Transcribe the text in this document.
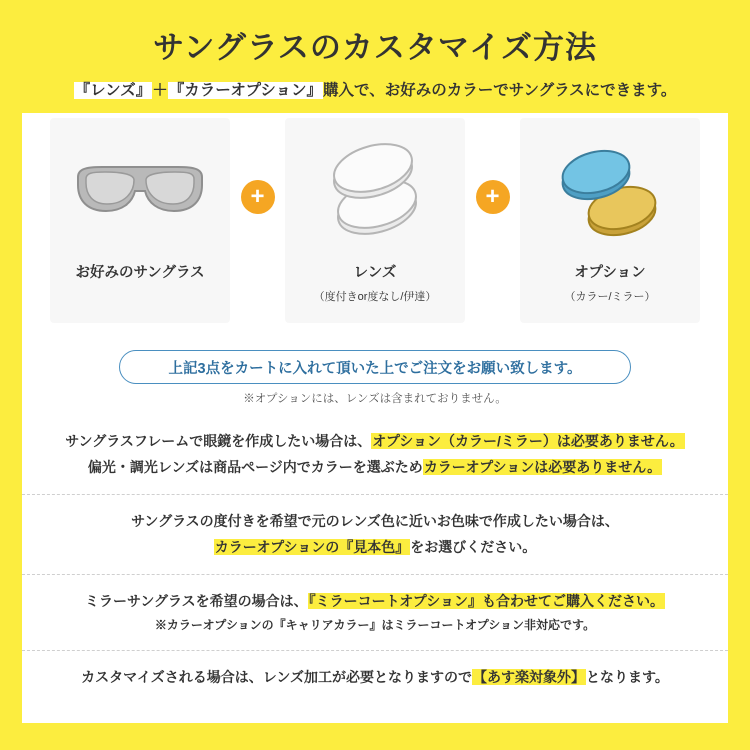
サングラスのカスタマイズ方法
『レンズ』＋『カラーオプション』購入で、お好みのカラーでサングラスにできます。
お好みのサングラス
+
レンズ
（度付きor度なし/伊達）
+
オプション
（カラー/ミラー）
上記3点をカートに入れて頂いた上でご注文をお願い致します。
※オプションには、レンズは含まれておりません。
サングラスフレームで眼鏡を作成したい場合は、オプション（カラー/ミラー）は必要ありません。
偏光・調光レンズは商品ページ内でカラーを選ぶためカラーオプションは必要ありません。
サングラスの度付きを希望で元のレンズ色に近いお色味で作成したい場合は、
カラーオプションの『見本色』をお選びください。
ミラーサングラスを希望の場合は、『ミラーコートオプション』も合わせてご購入ください。
※カラーオプションの『キャリアカラー』はミラーコートオプション非対応です。
カスタマイズされる場合は、レンズ加工が必要となりますので【あす楽対象外】となります。
